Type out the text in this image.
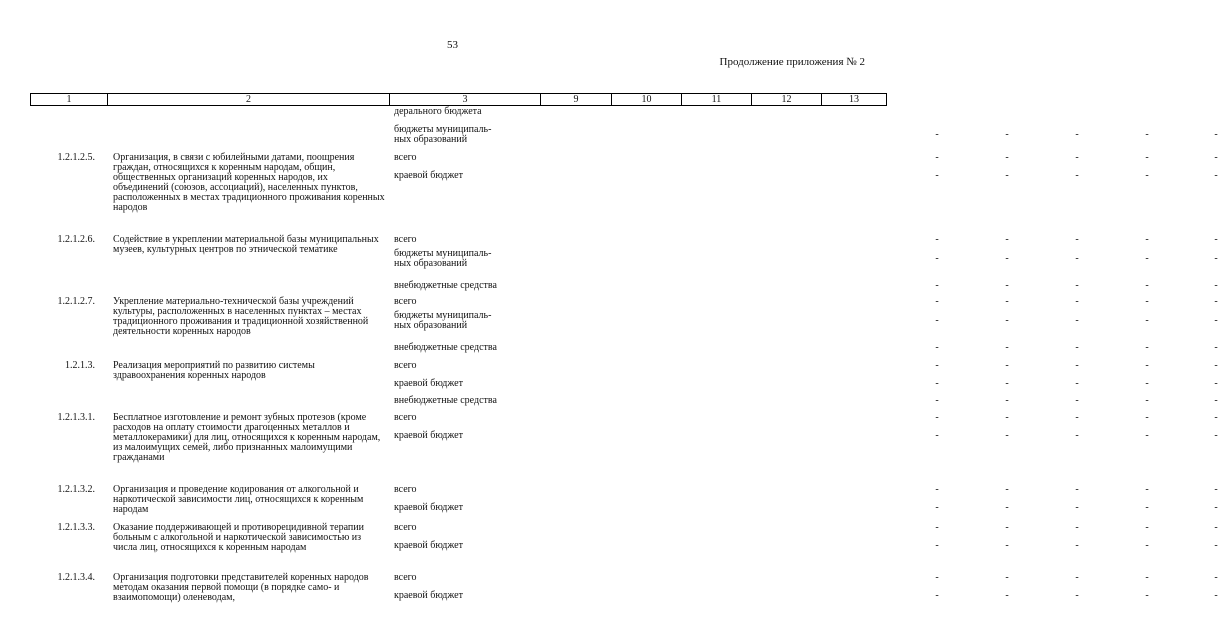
53
Продолжение приложения № 2
1	2	3	9	10	11	12	13
дерального бюджета
бюджеты муниципаль-
ных образований	-	-	-	-	-
1.2.1.2.5. Организация, в связи с юбилейными датами, поощрения граждан, относящихся к коренным народам, общин, общественных организаций коренных народов, их объединений (союзов, ассоциаций), населенных пунктов, расположенных в местах традиционного проживания коренных народов
всего	-	-	-	-	-
краевой бюджет	-	-	-	-	-
1.2.1.2.6. Содействие в укреплении материальной базы муниципальных музеев, культурных центров по этнической тематике
всего	-	-	-	-	-
бюджеты муниципаль-
ных образований	-	-	-	-	-
внебюджетные средства	-	-	-	-	-
1.2.1.2.7. Укрепление материально-технической базы учреждений культуры, расположенных в населенных пунктах – местах традиционного проживания и традиционной хозяйственной деятельности коренных народов
всего	-	-	-	-	-
бюджеты муниципаль-
ных образований	-	-	-	-	-
внебюджетные средства	-	-	-	-	-
1.2.1.3. Реализация мероприятий по развитию системы здравоохранения коренных народов
всего	-	-	-	-	-
краевой бюджет	-	-	-	-	-
внебюджетные средства	-	-	-	-	-
1.2.1.3.1. Бесплатное изготовление и ремонт зубных протезов (кроме расходов на оплату стоимости драгоценных металлов и металлокерамики) для лиц, относящихся к коренным народам, из малоимущих семей, либо признанных малоимущими гражданами
всего	-	-	-	-	-
краевой бюджет	-	-	-	-	-
1.2.1.3.2. Организация и проведение кодирования от алкогольной и наркотической зависимости лиц, относящихся к коренным народам
всего	-	-	-	-	-
краевой бюджет	-	-	-	-	-
1.2.1.3.3. Оказание поддерживающей и противорецидивной терапии больным с алкогольной и наркотической зависимостью из числа лиц, относящихся к коренным народам
всего	-	-	-	-	-
краевой бюджет	-	-	-	-	-
1.2.1.3.4. Организация подготовки представителей коренных народов методам оказания первой помощи (в порядке само- и взаимопомощи) оленеводам,
всего	-	-	-	-	-
краевой бюджет	-	-	-	-	-
